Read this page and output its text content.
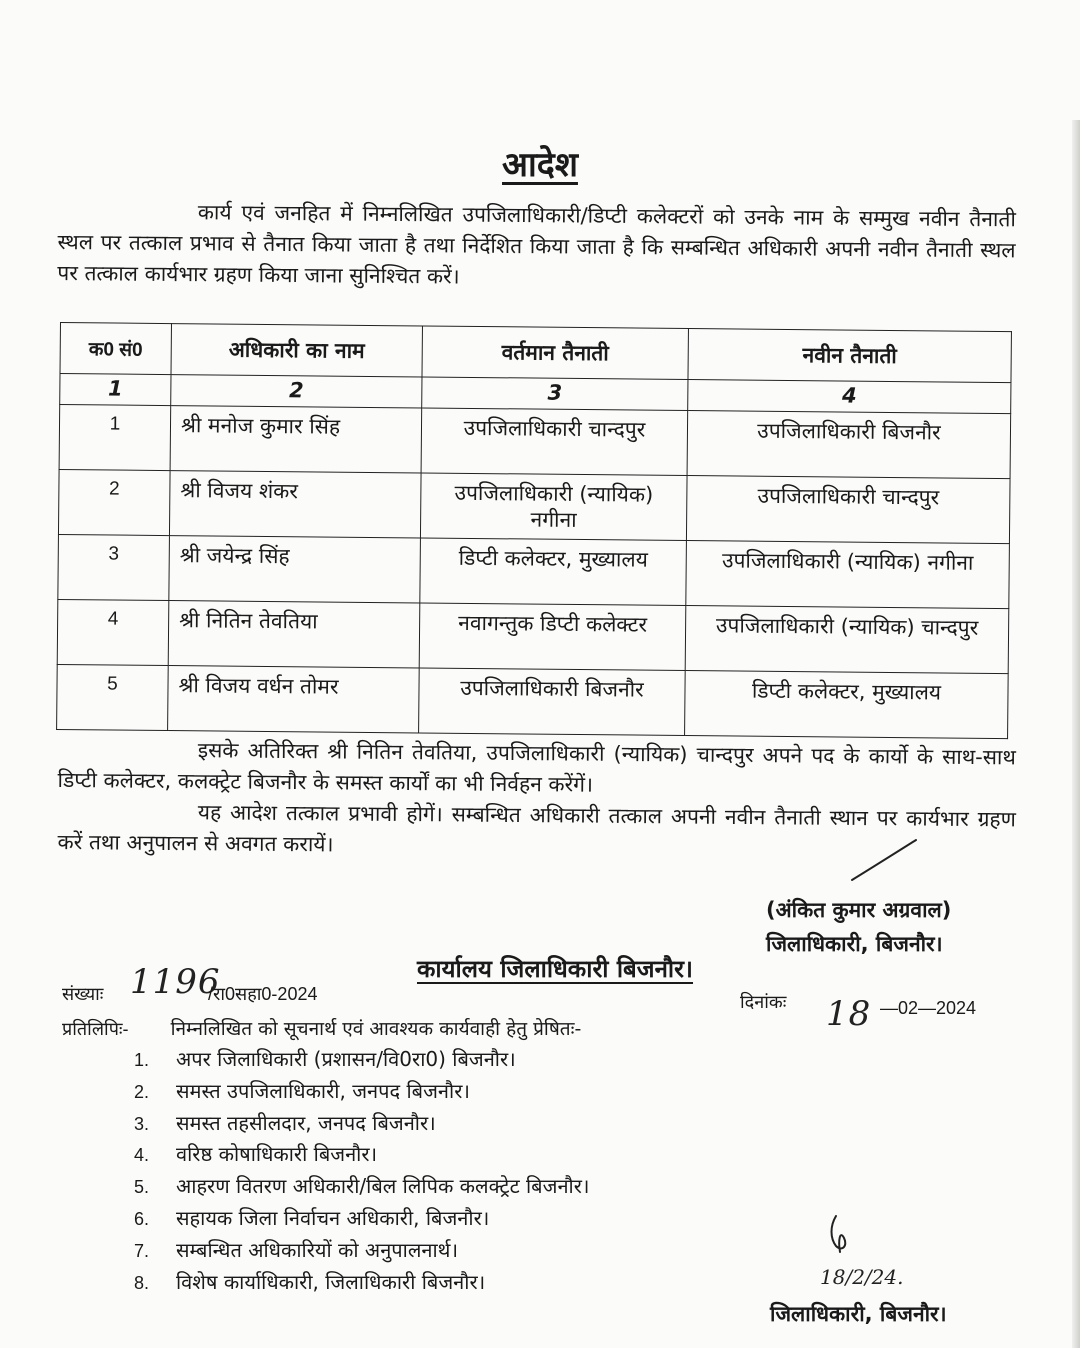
आदेश

कार्य एवं जनहित में निम्नलिखित उपजिलाधिकारी/डिप्टी कलेक्टरों को उनके नाम के सम्मुख नवीन तैनाती स्थल पर तत्काल प्रभाव से तैनात किया जाता है तथा निर्देशित किया जाता है कि सम्बन्धित अधिकारी अपनी नवीन तैनाती स्थल पर तत्काल कार्यभार ग्रहण किया जाना सुनिश्चित करें।

क0 सं0	अधिकारी का नाम	वर्तमान तैनाती	नवीन तैनाती
1	2	3	4
1	श्री मनोज कुमार सिंह	उपजिलाधिकारी चान्दपुर	उपजिलाधिकारी बिजनौर
2	श्री विजय शंकर	उपजिलाधिकारी (न्यायिक) नगीना	उपजिलाधिकारी चान्दपुर
3	श्री जयेन्द्र सिंह	डिप्टी कलेक्टर, मुख्यालय	उपजिलाधिकारी (न्यायिक) नगीना
4	श्री नितिन तेवतिया	नवागन्तुक डिप्टी कलेक्टर	उपजिलाधिकारी (न्यायिक) चान्दपुर
5	श्री विजय वर्धन तोमर	उपजिलाधिकारी बिजनौर	डिप्टी कलेक्टर, मुख्यालय

इसके अतिरिक्त श्री नितिन तेवतिया, उपजिलाधिकारी (न्यायिक) चान्दपुर अपने पद के कार्यो के साथ-साथ डिप्टी कलेक्टर, कलक्ट्रेट बिजनौर के समस्त कार्यों का भी निर्वहन करेंगें।

यह आदेश तत्काल प्रभावी होगें। सम्बन्धित अधिकारी तत्काल अपनी नवीन तैनाती स्थान पर कार्यभार ग्रहण करें तथा अनुपालन से अवगत करायें।

(अंकित कुमार अग्रवाल)
जिलाधिकारी, बिजनौर।
कार्यालय जिलाधिकारी बिजनौर।
संख्याः 1196
/रा0सहा0-2024	दिनांकः 18 —02—2024
प्रतिलिपिः- निम्नलिखित को सूचनार्थ एवं आवश्यक कार्यवाही हेतु प्रेषितः-
1. अपर जिलाधिकारी (प्रशासन/वि0रा0) बिजनौर।
2. समस्त उपजिलाधिकारी, जनपद बिजनौर।
3. समस्त तहसीलदार, जनपद बिजनौर।
4. वरिष्ठ कोषाधिकारी बिजनौर।
5. आहरण वितरण अधिकारी/बिल लिपिक कलक्ट्रेट बिजनौर।
6. सहायक जिला निर्वाचन अधिकारी, बिजनौर।
7. सम्बन्धित अधिकारियों को अनुपालनार्थ।
8. विशेष कार्याधिकारी, जिलाधिकारी बिजनौर।	18/2/24.
जिलाधिकारी, बिजनौर।
